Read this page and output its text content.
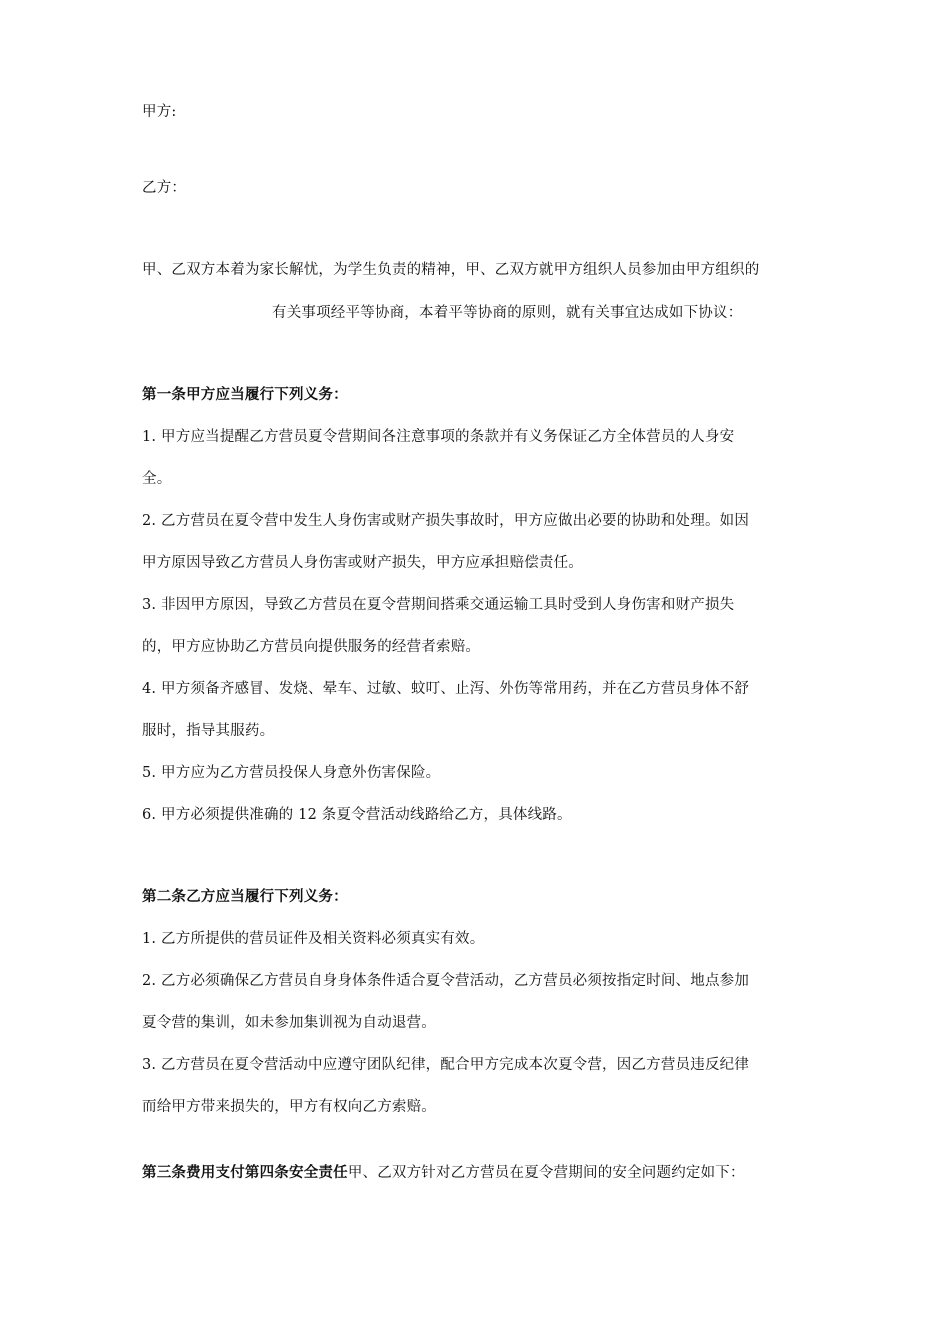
甲方:
乙方：
甲、乙双方本着为家长解忧，为学生负责的精神，甲、乙双方就甲方组织人员参加由甲方组织的
有关事项经平等协商，本着平等协商的原则，就有关事宜达成如下协议：
第一条甲方应当履行下列义务：
1. 甲方应当提醒乙方营员夏令营期间各注意事项的条款并有义务保证乙方全体营员的人身安
全。
2. 乙方营员在夏令营中发生人身伤害或财产损失事故时，甲方应做出必要的协助和处理。如因
甲方原因导致乙方营员人身伤害或财产损失，甲方应承担赔偿责任。
3. 非因甲方原因，导致乙方营员在夏令营期间搭乘交通运输工具时受到人身伤害和财产损失
的，甲方应协助乙方营员向提供服务的经营者索赔。
4. 甲方须备齐感冒、发烧、晕车、过敏、蚊叮、止泻、外伤等常用药，并在乙方营员身体不舒
服时，指导其服药。
5. 甲方应为乙方营员投保人身意外伤害保险。
6. 甲方必须提供准确的 12 条夏令营活动线路给乙方，具体线路。
第二条乙方应当履行下列义务：
1. 乙方所提供的营员证件及相关资料必须真实有效。
2. 乙方必须确保乙方营员自身身体条件适合夏令营活动，乙方营员必须按指定时间、地点参加
夏令营的集训，如未参加集训视为自动退营。
3. 乙方营员在夏令营活动中应遵守团队纪律，配合甲方完成本次夏令营，因乙方营员违反纪律
而给甲方带来损失的，甲方有权向乙方索赔。
第三条费用支付第四条安全责任甲、乙双方针对乙方营员在夏令营期间的安全问题约定如下：
